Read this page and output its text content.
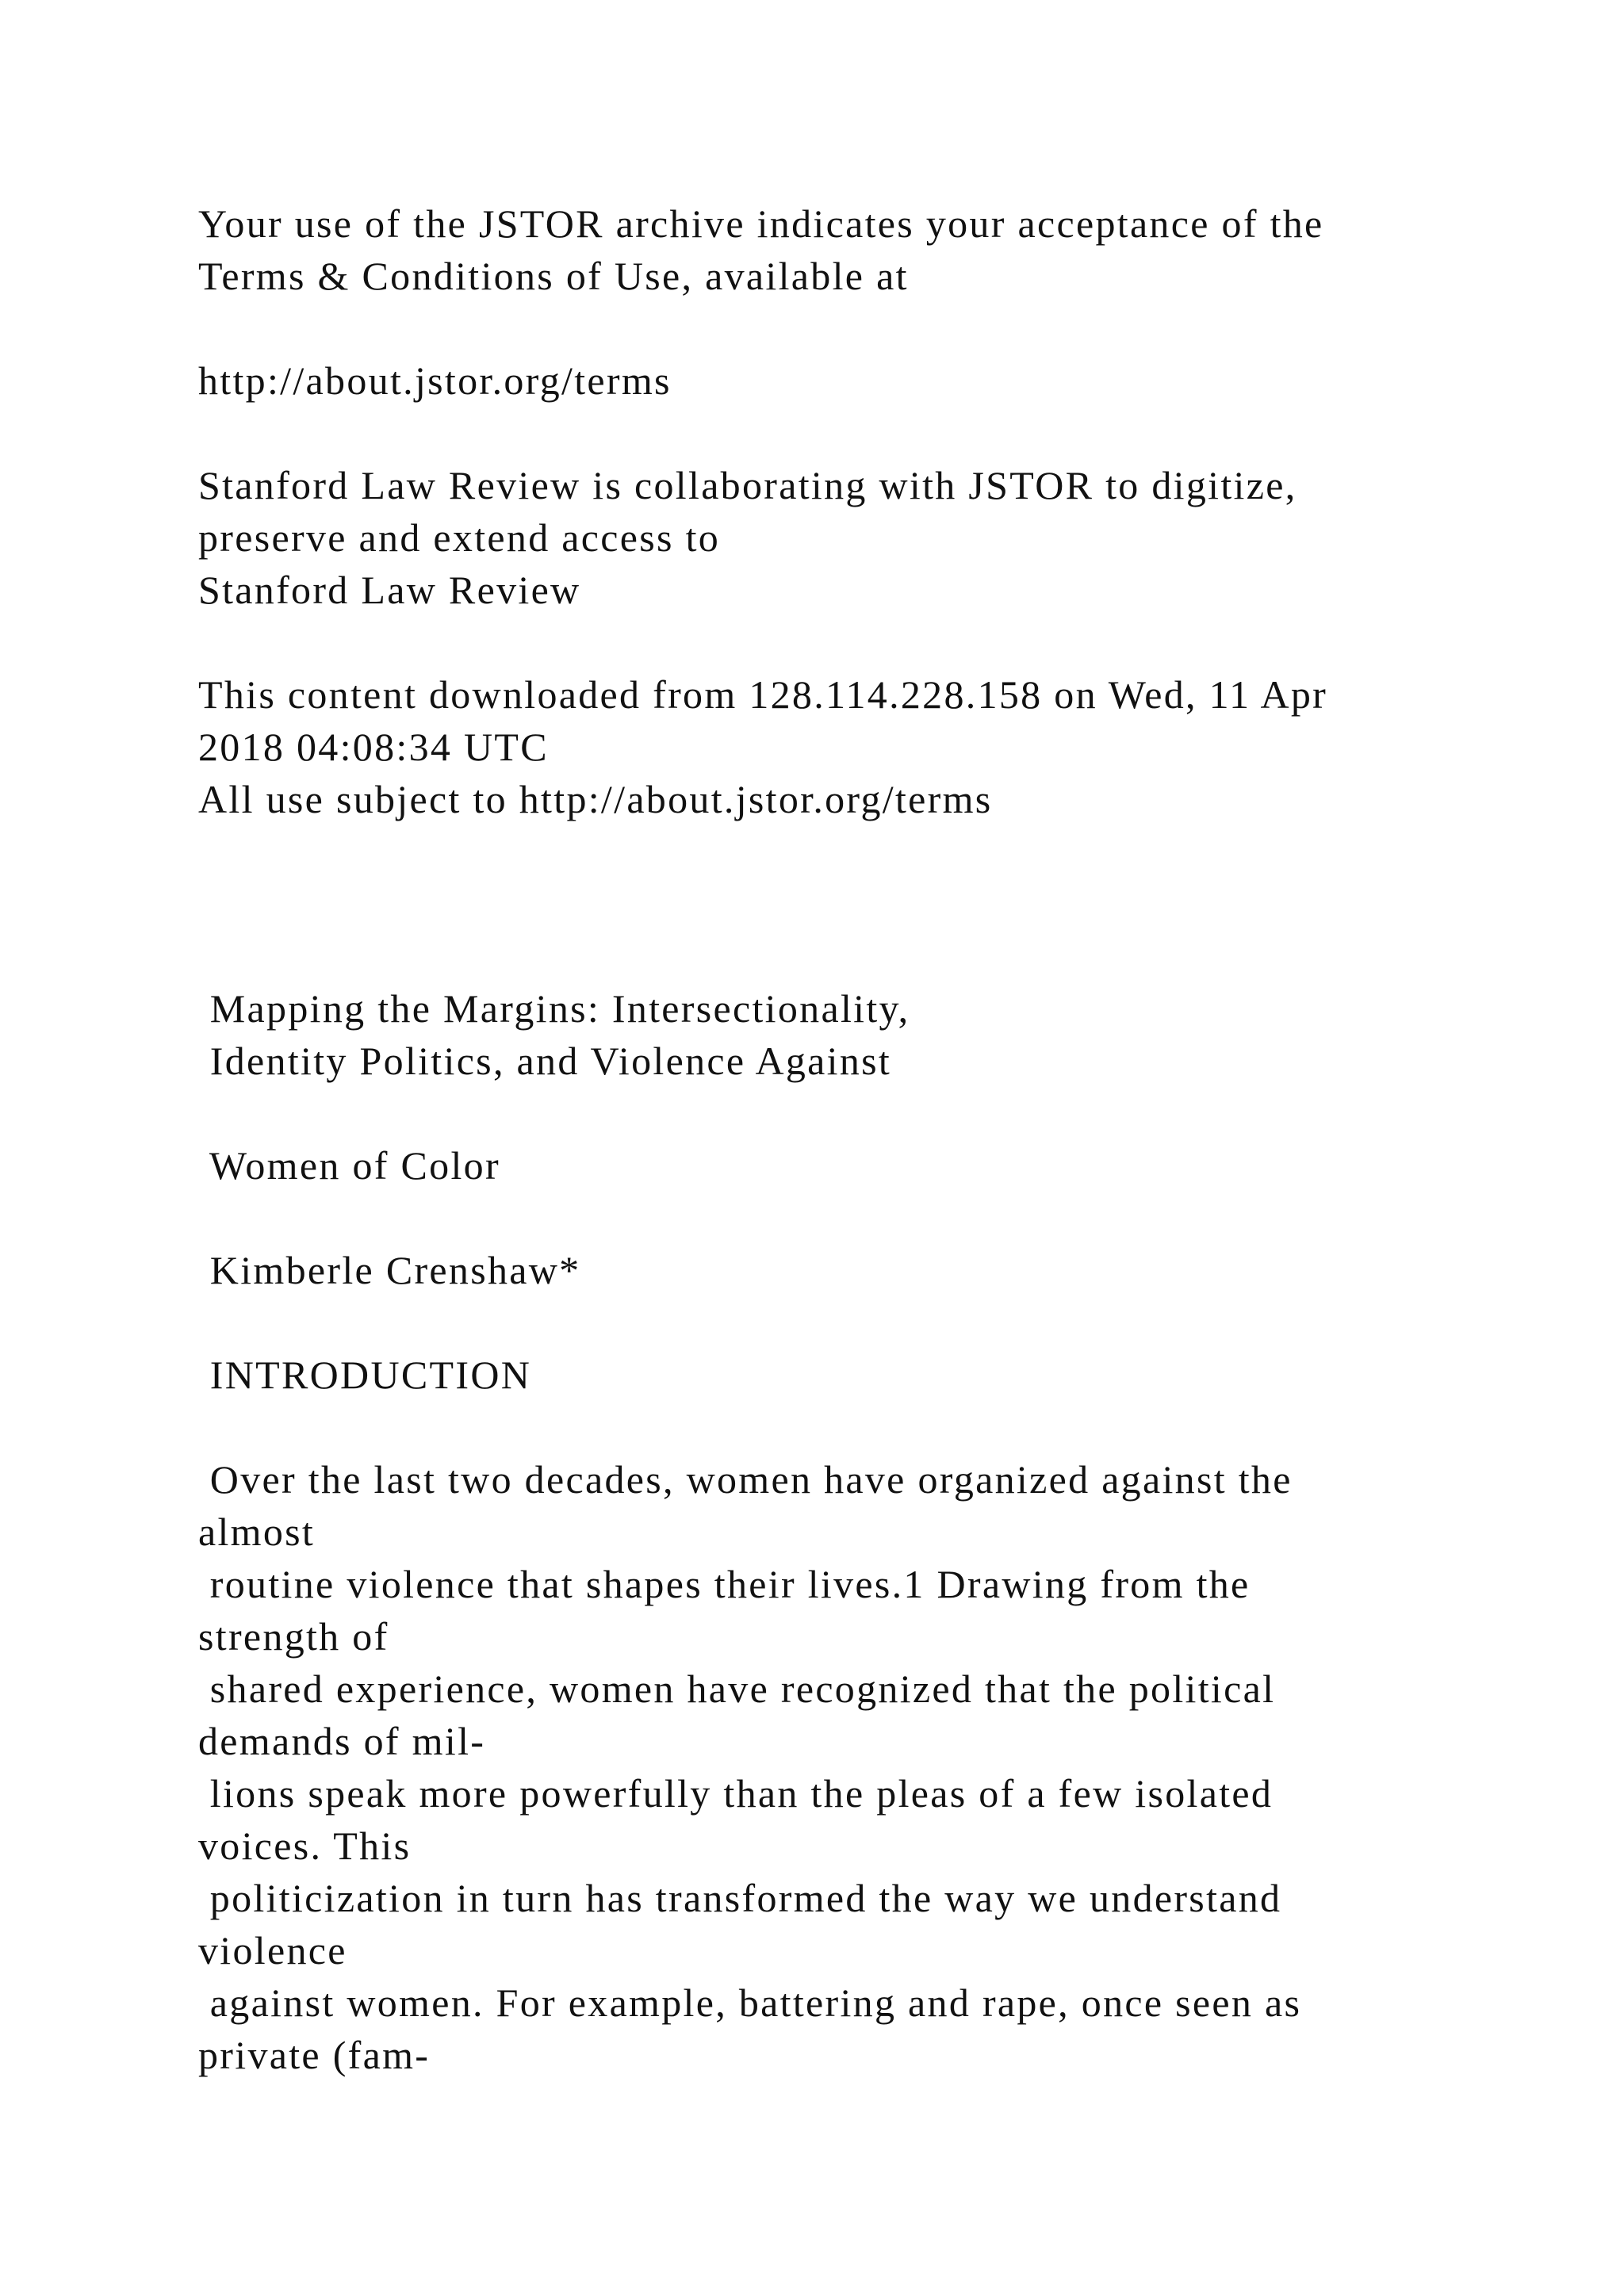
Your use of the JSTOR archive indicates your acceptance of the
Terms & Conditions of Use, available at
http://about.jstor.org/terms
Stanford Law Review is collaborating with JSTOR to digitize,
preserve and extend access to
Stanford Law Review
This content downloaded from 128.114.228.158 on Wed, 11 Apr
2018 04:08:34 UTC
All use subject to http://about.jstor.org/terms
Mapping the Margins: Intersectionality,
Identity Politics, and Violence Against
Women of Color
Kimberle Crenshaw*
INTRODUCTION
Over the last two decades, women have organized against the
almost
routine violence that shapes their lives.1 Drawing from the
strength of
shared experience, women have recognized that the political
demands of mil-
lions speak more powerfully than the pleas of a few isolated
voices. This
politicization in turn has transformed the way we understand
violence
against women. For example, battering and rape, once seen as
private (fam-
